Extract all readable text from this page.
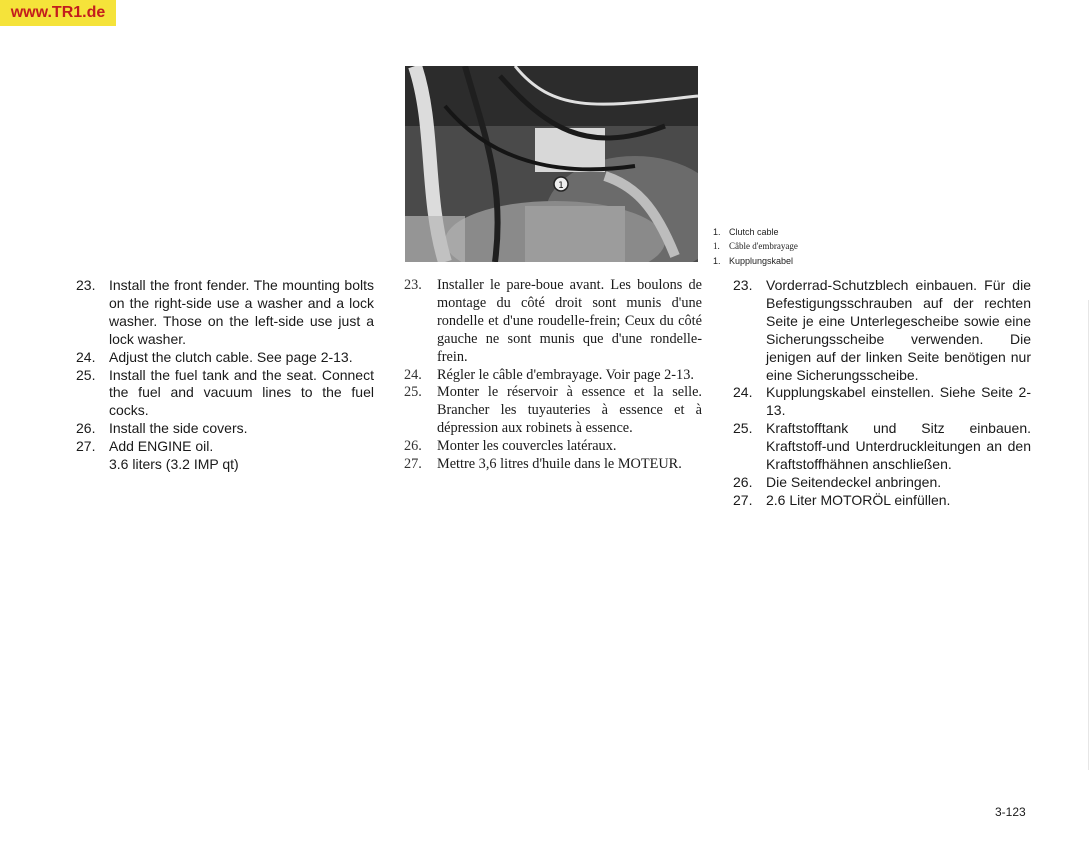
www.TR1.de
1
1. Clutch cable
1. Câble d'embrayage
1. Kupplungskabel
23. Install the front fender. The mounting bolts on the right-side use a washer and a lock washer. Those on the left-side use just a lock washer.
24. Adjust the clutch cable. See page 2-13.
25. Install the fuel tank and the seat. Connect the fuel and vacuum lines to the fuel cocks.
26. Install the side covers.
27. Add ENGINE oil.
3.6 liters (3.2 IMP qt)
23.	Installer le pare-boue avant. Les boulons de montage du côté droit sont munis d'une rondelle et d'une roudelle-frein; Ceux du côté gauche ne sont munis que d'une rondelle-frein.
24.	Régler le câble d'embrayage. Voir page 2-13.
25.	Monter le réservoir à essence et la selle. Brancher les tuyauteries à essence et à dépression aux robinets à essence.
26.	Monter les couvercles latéraux.
27.	Mettre 3,6 litres d'huile dans le MOTEUR.
23. Vorderrad-Schutzblech einbauen. Für die Befestigungsschrauben auf der rechten Seite je eine Unterlegescheibe sowie eine Sicherungsscheibe verwenden. Die jenigen auf der linken Seite benötigen nur eine Sicherungsscheibe.
24. Kupplungskabel einstellen. Siehe Seite 2-13.
25. Kraftstofftank und Sitz einbauen. Kraftstoff-und Unterdruckleitungen an den Kraftstoffhähnen anschließen.
26. Die Seitendeckel anbringen.
27. 2.6 Liter MOTORÖL einfüllen.
3-123
